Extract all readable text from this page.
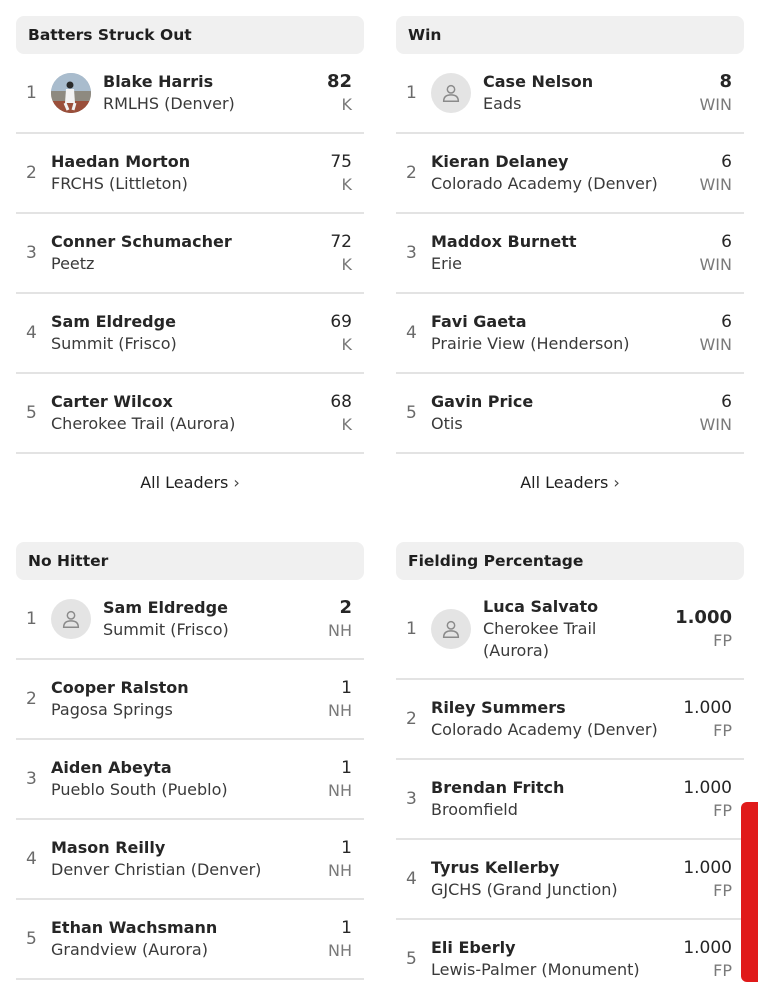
Batters Struck Out
1
Blake Harris
RMLHS (Denver)
82
K
2
Haedan Morton
FRCHS (Littleton)
75
K
3
Conner Schumacher
Peetz
72
K
4
Sam Eldredge
Summit (Frisco)
69
K
5
Carter Wilcox
Cherokee Trail (Aurora)
68
K
All Leaders ›
Win
1
Case Nelson
Eads
8
WIN
2
Kieran Delaney
Colorado Academy (Denver)
6
WIN
3
Maddox Burnett
Erie
6
WIN
4
Favi Gaeta
Prairie View (Henderson)
6
WIN
5
Gavin Price
Otis
6
WIN
All Leaders ›
No Hitter
1
Sam Eldredge
Summit (Frisco)
2
NH
2
Cooper Ralston
Pagosa Springs
1
NH
3
Aiden Abeyta
Pueblo South (Pueblo)
1
NH
4
Mason Reilly
Denver Christian (Denver)
1
NH
5
Ethan Wachsmann
Grandview (Aurora)
1
NH
Fielding Percentage
1
Luca Salvato
Cherokee Trail (Aurora)
1.000
FP
2
Riley Summers
Colorado Academy (Denver)
1.000
FP
3
Brendan Fritch
Broomfield
1.000
FP
4
Tyrus Kellerby
GJCHS (Grand Junction)
1.000
FP
5
Eli Eberly
Lewis-Palmer (Monument)
1.000
FP
